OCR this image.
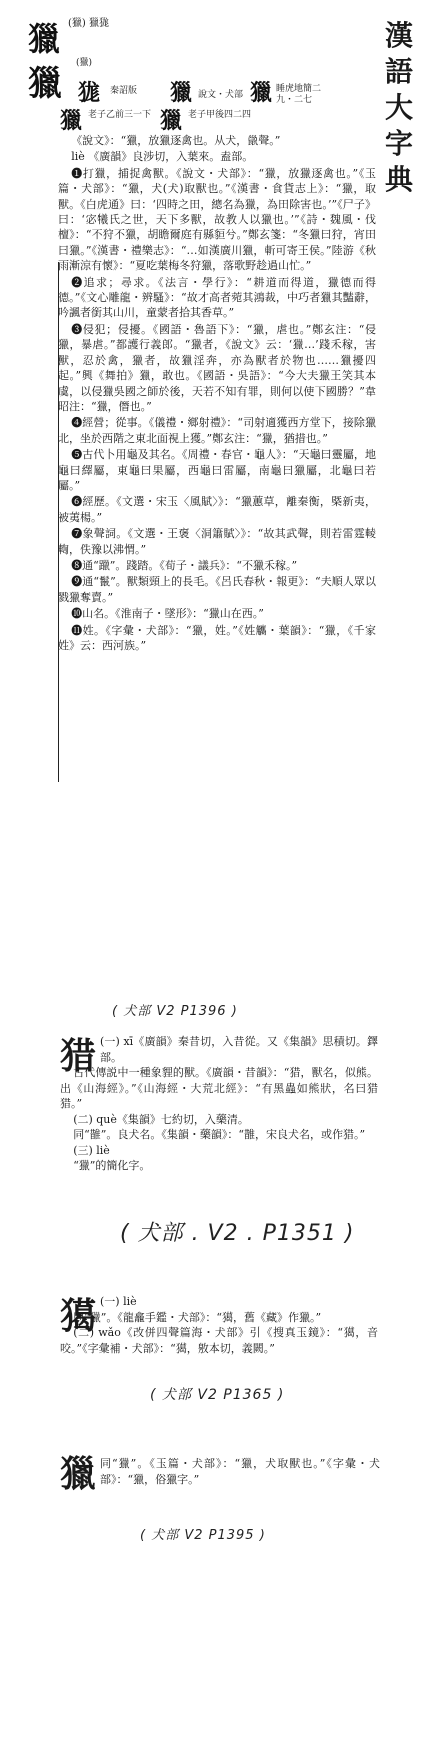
漢
語
大
字
典
獵 (獵) 獵狵
獵
(獵)
狵 秦詔版 獵 說文・犬部 獵 睡虎地簡二九・二七
獵 老子乙前三一下 獵 老子甲後四二四

《說文》：“獵，放獵逐禽也。从犬，巤聲。”

liè 《廣韻》良涉切，入葉來。盍部。

❶打獵，捕捉禽獸。《說文・犬部》：“獵，放獵逐禽也。”《玉篇・犬部》：“獵，犬(犬)取獸也。”《漢書・食貨志上》：“獵，取獸。《白虎通》曰：‘四時之田，總名為獵，為田除害也。’”《尸子》曰：‘宓犧氏之世，天下多獸，故教人以獵也。’”《詩・魏風・伐檀》：“不狩不獵，胡瞻爾庭有縣貆兮。”鄭玄箋：“冬獵曰狩，宵田曰獵。”《漢書・禮樂志》：“…如漢廣川獵，斬可寄王侯。”陸游《秋雨漸涼有懷》：“夏吃葉梅冬狩獵，落歌野趁過山忙。”

❷追求；尋求。《法言・學行》：“耕道而得道，獵德而得德。”《文心雕龍・辨騷》：“故才高者菀其鴻裁，中巧者獵其豔辭，吟諷者銜其山川，童蒙者拾其香草。”

❸侵犯；侵擾。《國語・魯語下》：“獵，虐也。”鄭玄注：“侵獵，暴虐。”都護行義郎。“獵者，《說文》云：‘獵…’踐禾稼，害獸，忍於禽，獵者，故獵淫奔，亦為獸者於物也……獵擾四起。”興《舞拍》獵，敢也。《國語・吳語》：“今大夫獵王笑其本虞，以侵獵吳國之師於後，天若不知有罪，則何以使下國勝？”韋昭注：“獵，僭也。”

❹經營；從事。《儀禮・鄉射禮》：“司射適獲西方堂下，接除獵北，坐於西階之東北面視上獲。”鄭玄注：“獵，猶措也。”

❺古代卜用龜及其名。《周禮・春官・龜人》：“天龜曰靈屬，地龜曰繹屬，東龜曰果屬，西龜曰雷屬，南龜曰獵屬，北龜曰若屬。”

❻經歷。《文選・宋玉〈風賦〉》：“獵蕙草，離秦衡，槩新夷，被荑楊。”

❼象聲詞。《文選・王褒〈洞簫賦〉》：“故其武聲，則若雷霆輘輷，佚豫以沸㥜。”

❽通“躐”。踐踏。《荀子・議兵》：“不獵禾稼。”

❾通“鬣”。獸類頸上的長毛。《呂氏春秋・報更》：“夫順人眾以戮獵奪賣。”

❿山名。《淮南子・墜形》：“獵山在西。”

⓫姓。《字彙・犬部》：“獵，姓。”《姓觿・葉韻》：“獵，《千家姓》云：西河族。”

( 犬部 V2 P1396 )
猎 (一) xī《廣韻》秦昔切，入昔從。又《集韻》思積切。鐸部。
古代傳説中一種象貍的獸。《廣韻・昔韻》：“猎，獸名，似熊。出《山海經》。”《山海經・大荒北經》：“有黑蟲如熊狀，名曰猎猎。”
(二) què《集韻》七約切，入藥清。
同“䧿”。良犬名。《集韻・藥韻》：“䧿，宋良犬名，或作猎。”
(三) liè
“獵”的簡化字。
( 犬部 . V2 . P1351 )
獦 (一) liè
同“獵”。《龍龕手鑑・犬部》：“獦，舊《藏》作獵。”
(二) wǎo《改併四聲篇海・犬部》引《搜真玉鏡》：“獦，音咬。”《字彙補・犬部》：“獦，敫本切，義闕。”
( 犬部 V2 P1365 )
獵 同“獵”。《玉篇・犬部》：“獵，犬取獸也。”《字彙・犬部》：“獵，俗獵字。”
( 犬部 V2 P1395 )
